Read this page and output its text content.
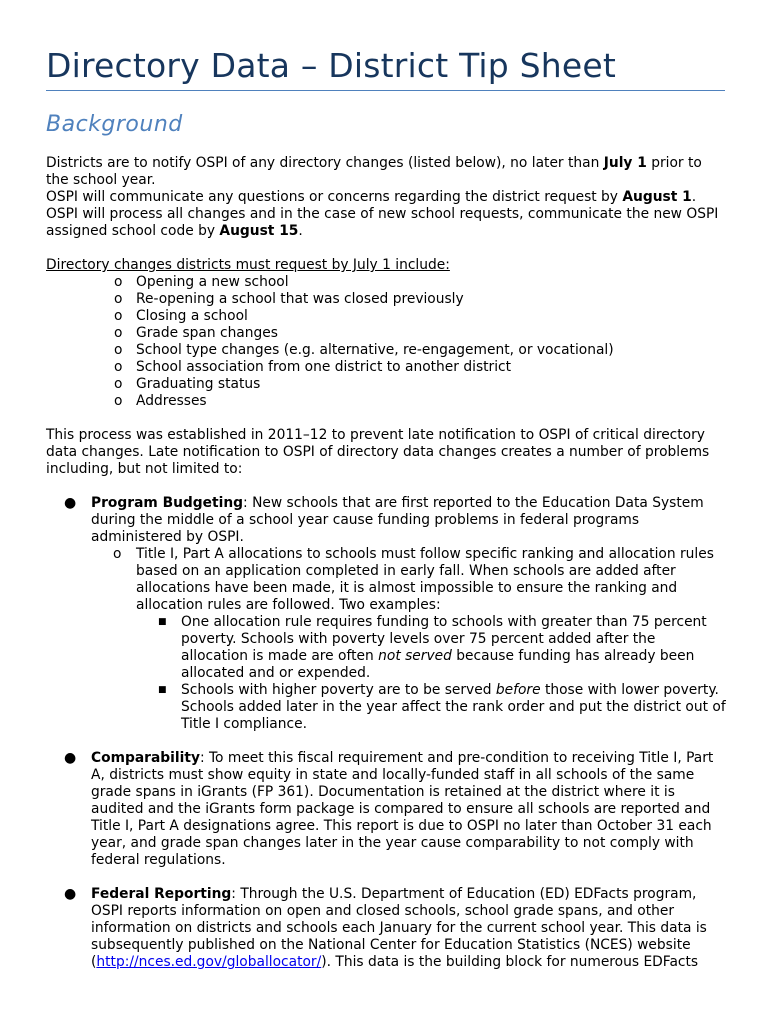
Directory Data – District Tip Sheet
Background

Districts are to notify OSPI of any directory changes (listed below), no later than July 1 prior to the school year.

OSPI will communicate any questions or concerns regarding the district request by August 1.

OSPI will process all changes and in the case of new school requests, communicate the new OSPI assigned school code by August 15.

Directory changes districts must request by July 1 include:

o Opening a new school
o Re-opening a school that was closed previously
o Closing a school
o Grade span changes
o School type changes (e.g. alternative, re-engagement, or vocational)
o School association from one district to another district
o Graduating status
o Addresses

This process was established in 2011–12 to prevent late notification to OSPI of critical directory data changes. Late notification to OSPI of directory data changes creates a number of problems including, but not limited to:

● Program Budgeting: New schools that are first reported to the Education Data System during the middle of a school year cause funding problems in federal programs administered by OSPI.
o Title I, Part A allocations to schools must follow specific ranking and allocation rules based on an application completed in early fall. When schools are added after allocations have been made, it is almost impossible to ensure the ranking and allocation rules are followed. Two examples:
■ One allocation rule requires funding to schools with greater than 75 percent poverty. Schools with poverty levels over 75 percent added after the allocation is made are often not served because funding has already been allocated and or expended.
■ Schools with higher poverty are to be served before those with lower poverty. Schools added later in the year affect the rank order and put the district out of Title I compliance.
● Comparability: To meet this fiscal requirement and pre-condition to receiving Title I, Part A, districts must show equity in state and locally-funded staff in all schools of the same grade spans in iGrants (FP 361). Documentation is retained at the district where it is audited and the iGrants form package is compared to ensure all schools are reported and Title I, Part A designations agree. This report is due to OSPI no later than October 31 each year, and grade span changes later in the year cause comparability to not comply with federal regulations.
● Federal Reporting: Through the U.S. Department of Education (ED) EDFacts program, OSPI reports information on open and closed schools, school grade spans, and other information on districts and schools each January for the current school year. This data is subsequently published on the National Center for Education Statistics (NCES) website (http://nces.ed.gov/globallocator/). This data is the building block for numerous EDFacts
